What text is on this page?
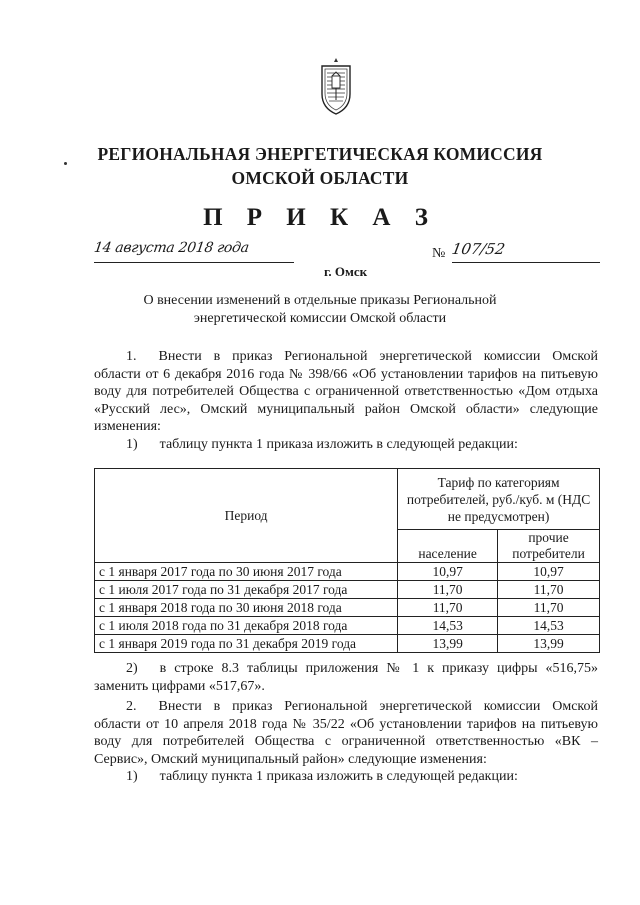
РЕГИОНАЛЬНАЯ ЭНЕРГЕТИЧЕСКАЯ КОМИССИЯ
ОМСКОЙ ОБЛАСТИ
П Р И К А З
14 августа 2018 года	№ 107/52
г. Омск
О внесении изменений в отдельные приказы Региональной
энергетической комиссии Омской области
1. Внести в приказ Региональной энергетической комиссии Омской области от 6 декабря 2016 года № 398/66 «Об установлении тарифов на питьевую воду для потребителей Общества с ограниченной ответственностью «Дом отдыха «Русский лес», Омский муниципальный район Омской области» следующие изменения:
1) таблицу пункта 1 приказа изложить в следующей редакции:
Период	Тариф по категориям потребителей, руб./куб. м (НДС не предусмотрен)	
	население	прочие потребители
с 1 января 2017 года по 30 июня 2017 года	10,97	10,97
с 1 июля 2017 года по 31 декабря 2017 года	11,70	11,70
с 1 января 2018 года по 30 июня 2018 года	11,70	11,70
с 1 июля 2018 года по 31 декабря 2018 года	14,53	14,53
с 1 января 2019 года по 31 декабря 2019 года	13,99	13,99
2) в строке 8.3 таблицы приложения № 1 к приказу цифры «516,75» заменить цифрами «517,67».
2. Внести в приказ Региональной энергетической комиссии Омской области от 10 апреля 2018 года № 35/22 «Об установлении тарифов на питьевую воду для потребителей Общества с ограниченной ответственностью «ВК – Сервис», Омский муниципальный район» следующие изменения:
1) таблицу пункта 1 приказа изложить в следующей редакции:
